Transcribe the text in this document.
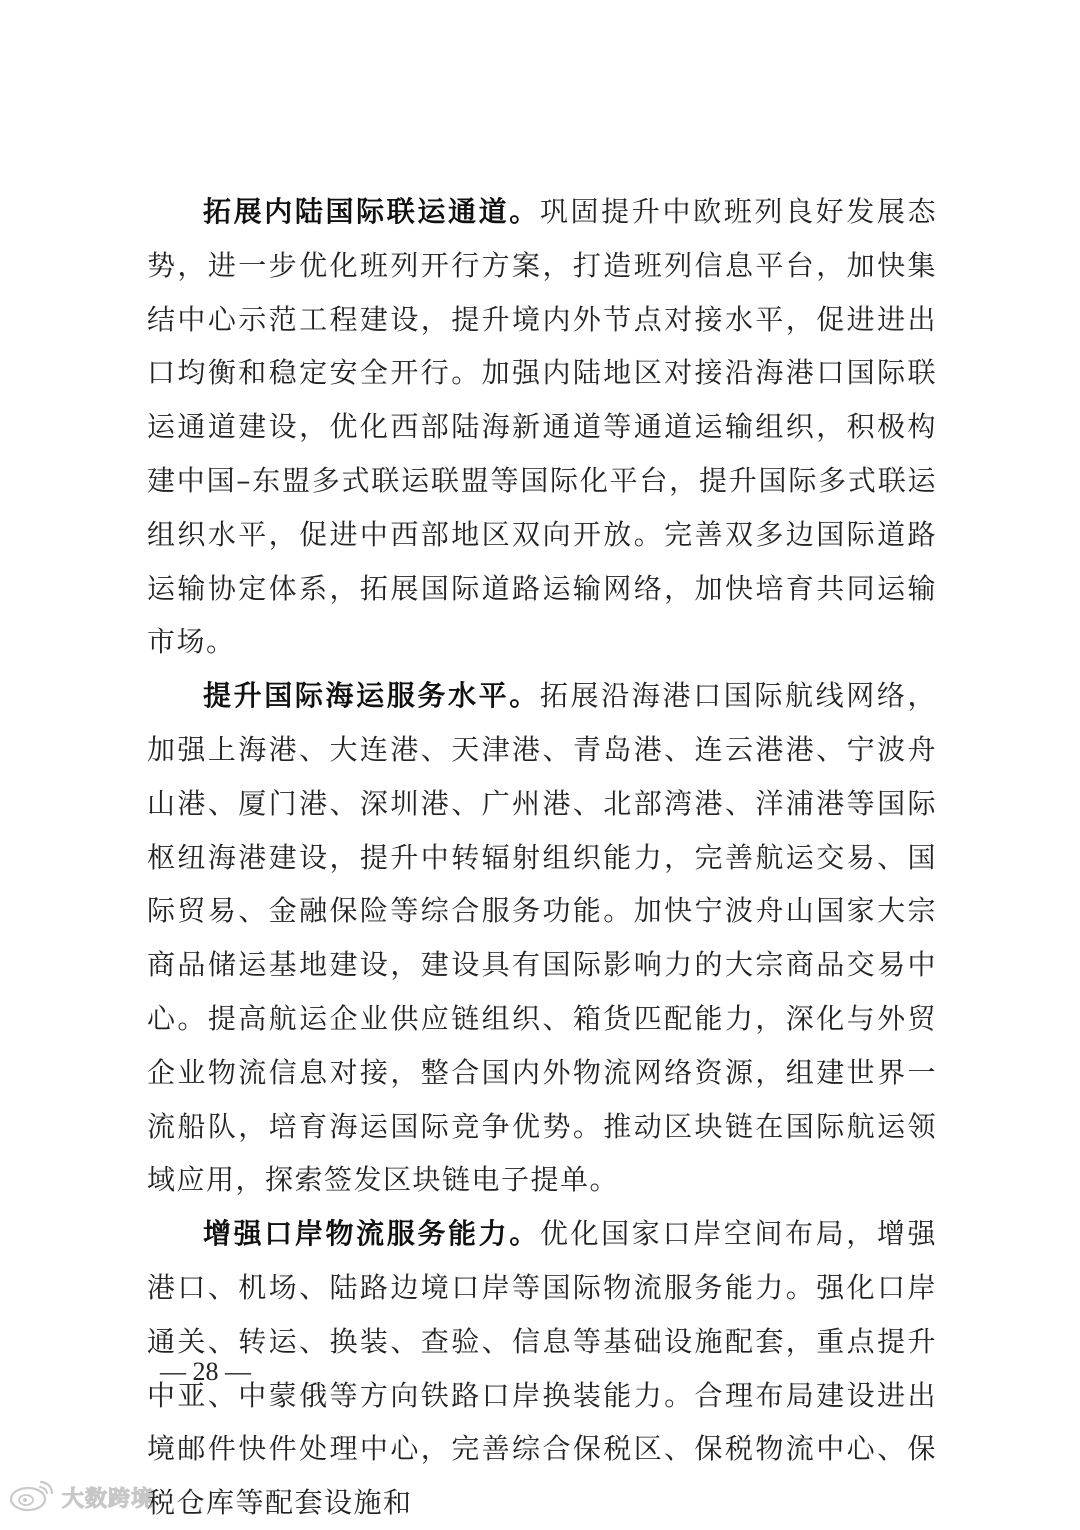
拓展内陆国际联运通道。巩固提升中欧班列良好发展态势，进一步优化班列开行方案，打造班列信息平台，加快集结中心示范工程建设，提升境内外节点对接水平，促进进出口均衡和稳定安全开行。加强内陆地区对接沿海港口国际联运通道建设，优化西部陆海新通道等通道运输组织，积极构建中国–东盟多式联运联盟等国际化平台，提升国际多式联运组织水平，促进中西部地区双向开放。完善双多边国际道路运输协定体系，拓展国际道路运输网络，加快培育共同运输市场。

提升国际海运服务水平。拓展沿海港口国际航线网络，加强上海港、大连港、天津港、青岛港、连云港港、宁波舟山港、厦门港、深圳港、广州港、北部湾港、洋浦港等国际枢纽海港建设，提升中转辐射组织能力，完善航运交易、国际贸易、金融保险等综合服务功能。加快宁波舟山国家大宗商品储运基地建设，建设具有国际影响力的大宗商品交易中心。提高航运企业供应链组织、箱货匹配能力，深化与外贸企业物流信息对接，整合国内外物流网络资源，组建世界一流船队，培育海运国际竞争优势。推动区块链在国际航运领域应用，探索签发区块链电子提单。

增强口岸物流服务能力。优化国家口岸空间布局，增强港口、机场、陆路边境口岸等国际物流服务能力。强化口岸通关、转运、换装、查验、信息等基础设施配套，重点提升中亚、中蒙俄等方向铁路口岸换装能力。合理布局建设进出境邮件快件处理中心，完善综合保税区、保税物流中心、保税仓库等配套设施和

— 28 —
大数跨境
